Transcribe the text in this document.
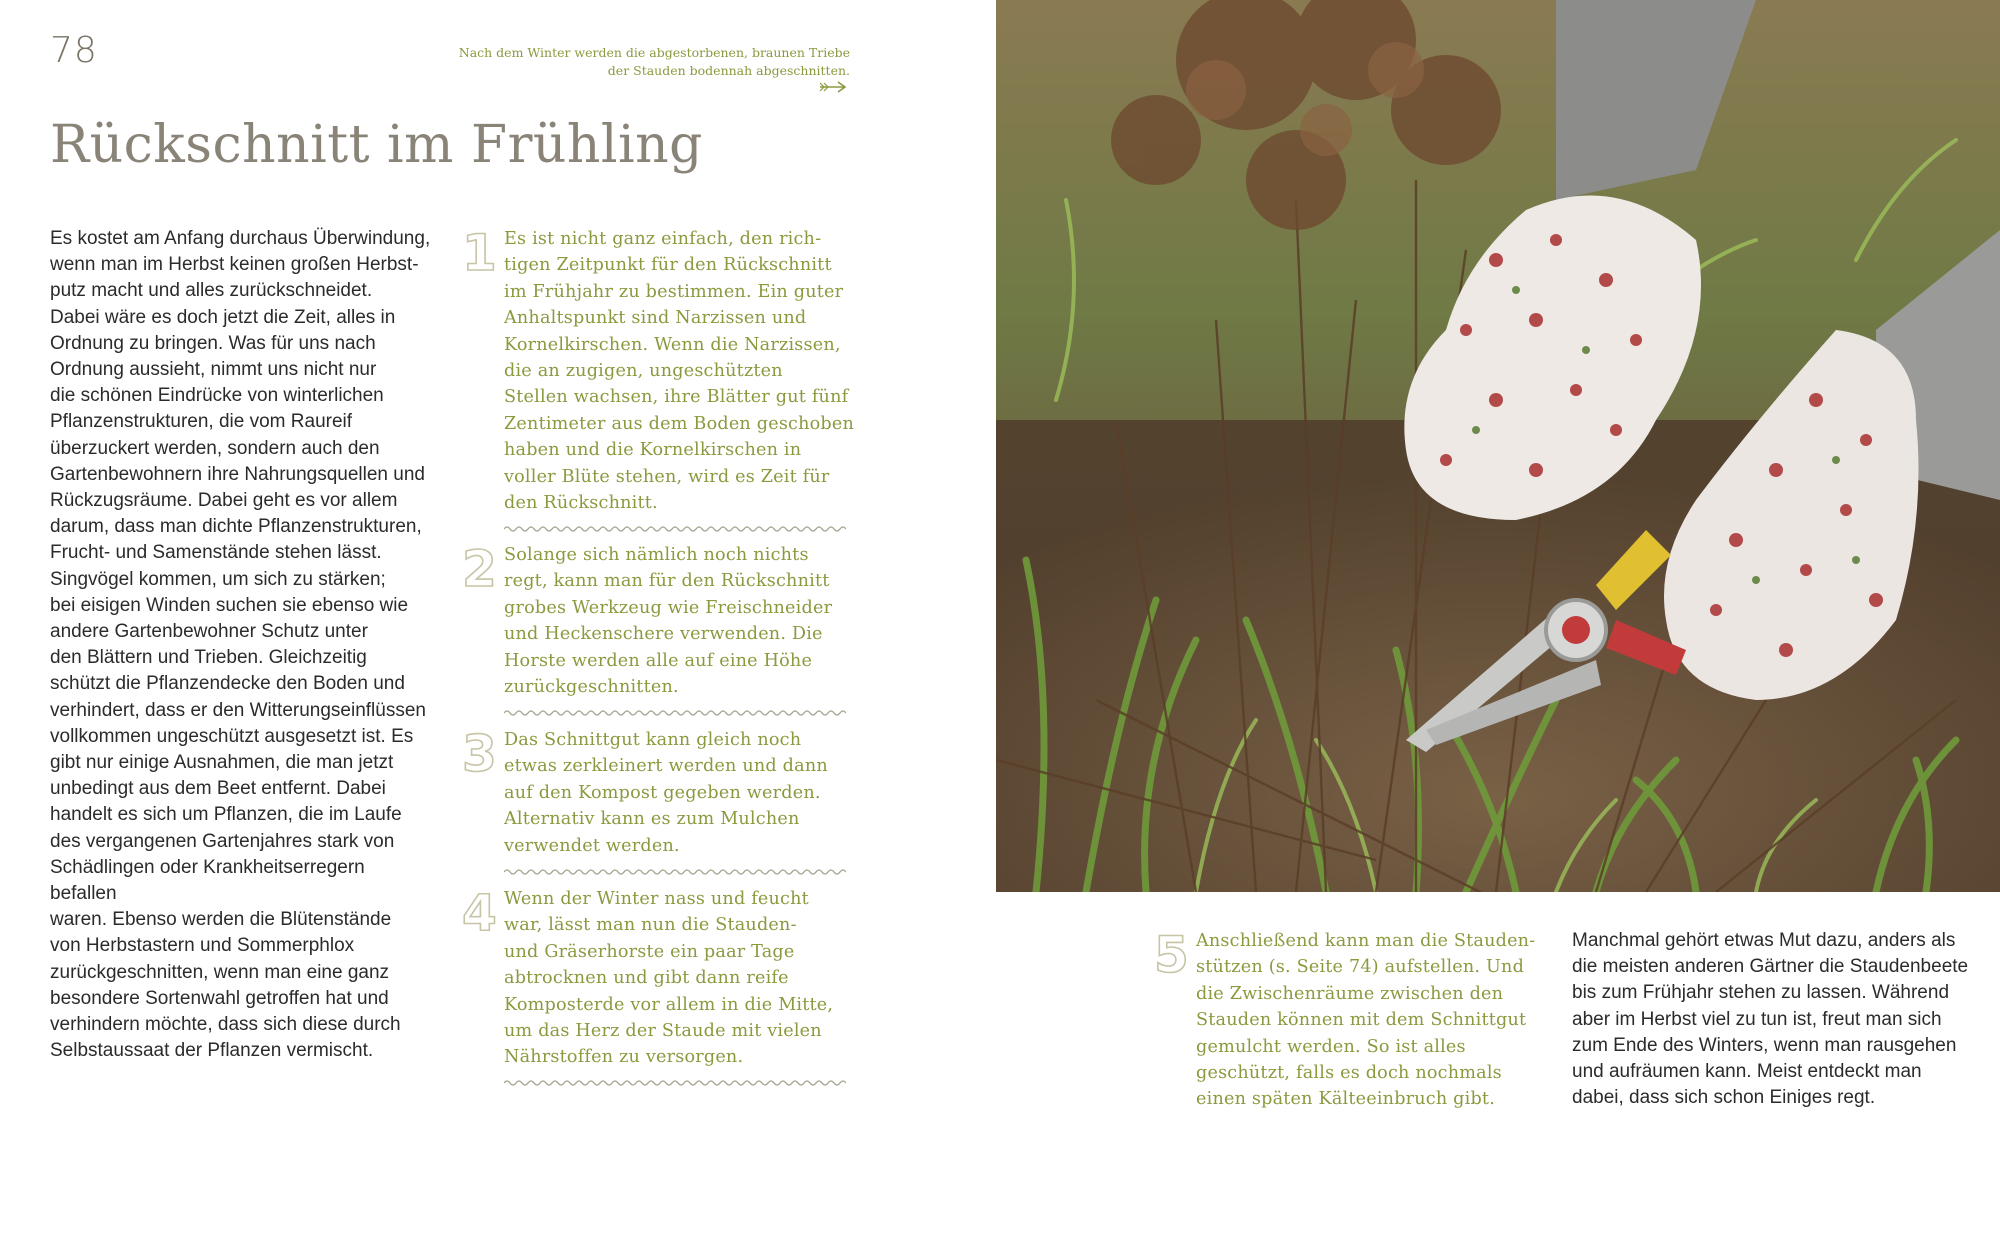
78	Nach dem Winter werden die abgestorbenen, braunen Triebe
der Stauden bodennah abgeschnitten.
Rückschnitt im Frühling
Es kostet am Anfang durchaus Überwindung,
wenn man im Herbst keinen großen Herbst-
putz macht und alles zurückschneidet.
Dabei wäre es doch jetzt die Zeit, alles in
Ordnung zu bringen. Was für uns nach
Ordnung aussieht, nimmt uns nicht nur
die schönen Eindrücke von winterlichen
Pflanzenstrukturen, die vom Raureif
überzuckert werden, sondern auch den
Gartenbewohnern ihre Nahrungsquellen und
Rückzugsräume. Dabei geht es vor allem
darum, dass man dichte Pflanzenstrukturen,
Frucht- und Samenstände stehen lässt.
Singvögel kommen, um sich zu stärken;
bei eisigen Winden suchen sie ebenso wie
andere Gartenbewohner Schutz unter
den Blättern und Trieben. Gleichzeitig
schützt die Pflanzendecke den Boden und
verhindert, dass er den Witterungseinflüssen
vollkommen ungeschützt ausgesetzt ist. Es
gibt nur einige Ausnahmen, die man jetzt
unbedingt aus dem Beet entfernt. Dabei
handelt es sich um Pflanzen, die im Laufe
des vergangenen Gartenjahres stark von
Schädlingen oder Krankheitserregern befallen
waren. Ebenso werden die Blütenstände
von Herbstastern und Sommerphlox
zurückgeschnitten, wenn man eine ganz
besondere Sortenwahl getroffen hat und
verhindern möchte, dass sich diese durch
Selbstaussaat der Pflanzen vermischt.
1 Es ist nicht ganz einfach, den rich-
tigen Zeitpunkt für den Rückschnitt
im Frühjahr zu bestimmen. Ein guter
Anhaltspunkt sind Narzissen und
Kornelkirschen. Wenn die Narzissen,
die an zugigen, ungeschützten
Stellen wachsen, ihre Blätter gut fünf
Zentimeter aus dem Boden geschoben
haben und die Kornelkirschen in
voller Blüte stehen, wird es Zeit für
den Rückschnitt.
2 Solange sich nämlich noch nichts
regt, kann man für den Rückschnitt
grobes Werkzeug wie Freischneider
und Heckenschere verwenden. Die
Horste werden alle auf eine Höhe
zurückgeschnitten.
3 Das Schnittgut kann gleich noch
etwas zerkleinert werden und dann
auf den Kompost gegeben werden.
Alternativ kann es zum Mulchen
verwendet werden.
4 Wenn der Winter nass und feucht
war, lässt man nun die Stauden-
und Gräserhorste ein paar Tage
abtrocknen und gibt dann reife
Komposterde vor allem in die Mitte,
um das Herz der Staude mit vielen
Nährstoffen zu versorgen.
5 Anschließend kann man die Stauden-
stützen (s. Seite 74) aufstellen. Und
die Zwischenräume zwischen den
Stauden können mit dem Schnittgut
gemulcht werden. So ist alles
geschützt, falls es doch nochmals
einen späten Kälteeinbruch gibt.
Manchmal gehört etwas Mut dazu, anders als
die meisten anderen Gärtner die Staudenbeete
bis zum Frühjahr stehen zu lassen. Während
aber im Herbst viel zu tun ist, freut man sich
zum Ende des Winters, wenn man rausgehen
und aufräumen kann. Meist entdeckt man
dabei, dass sich schon Einiges regt.
